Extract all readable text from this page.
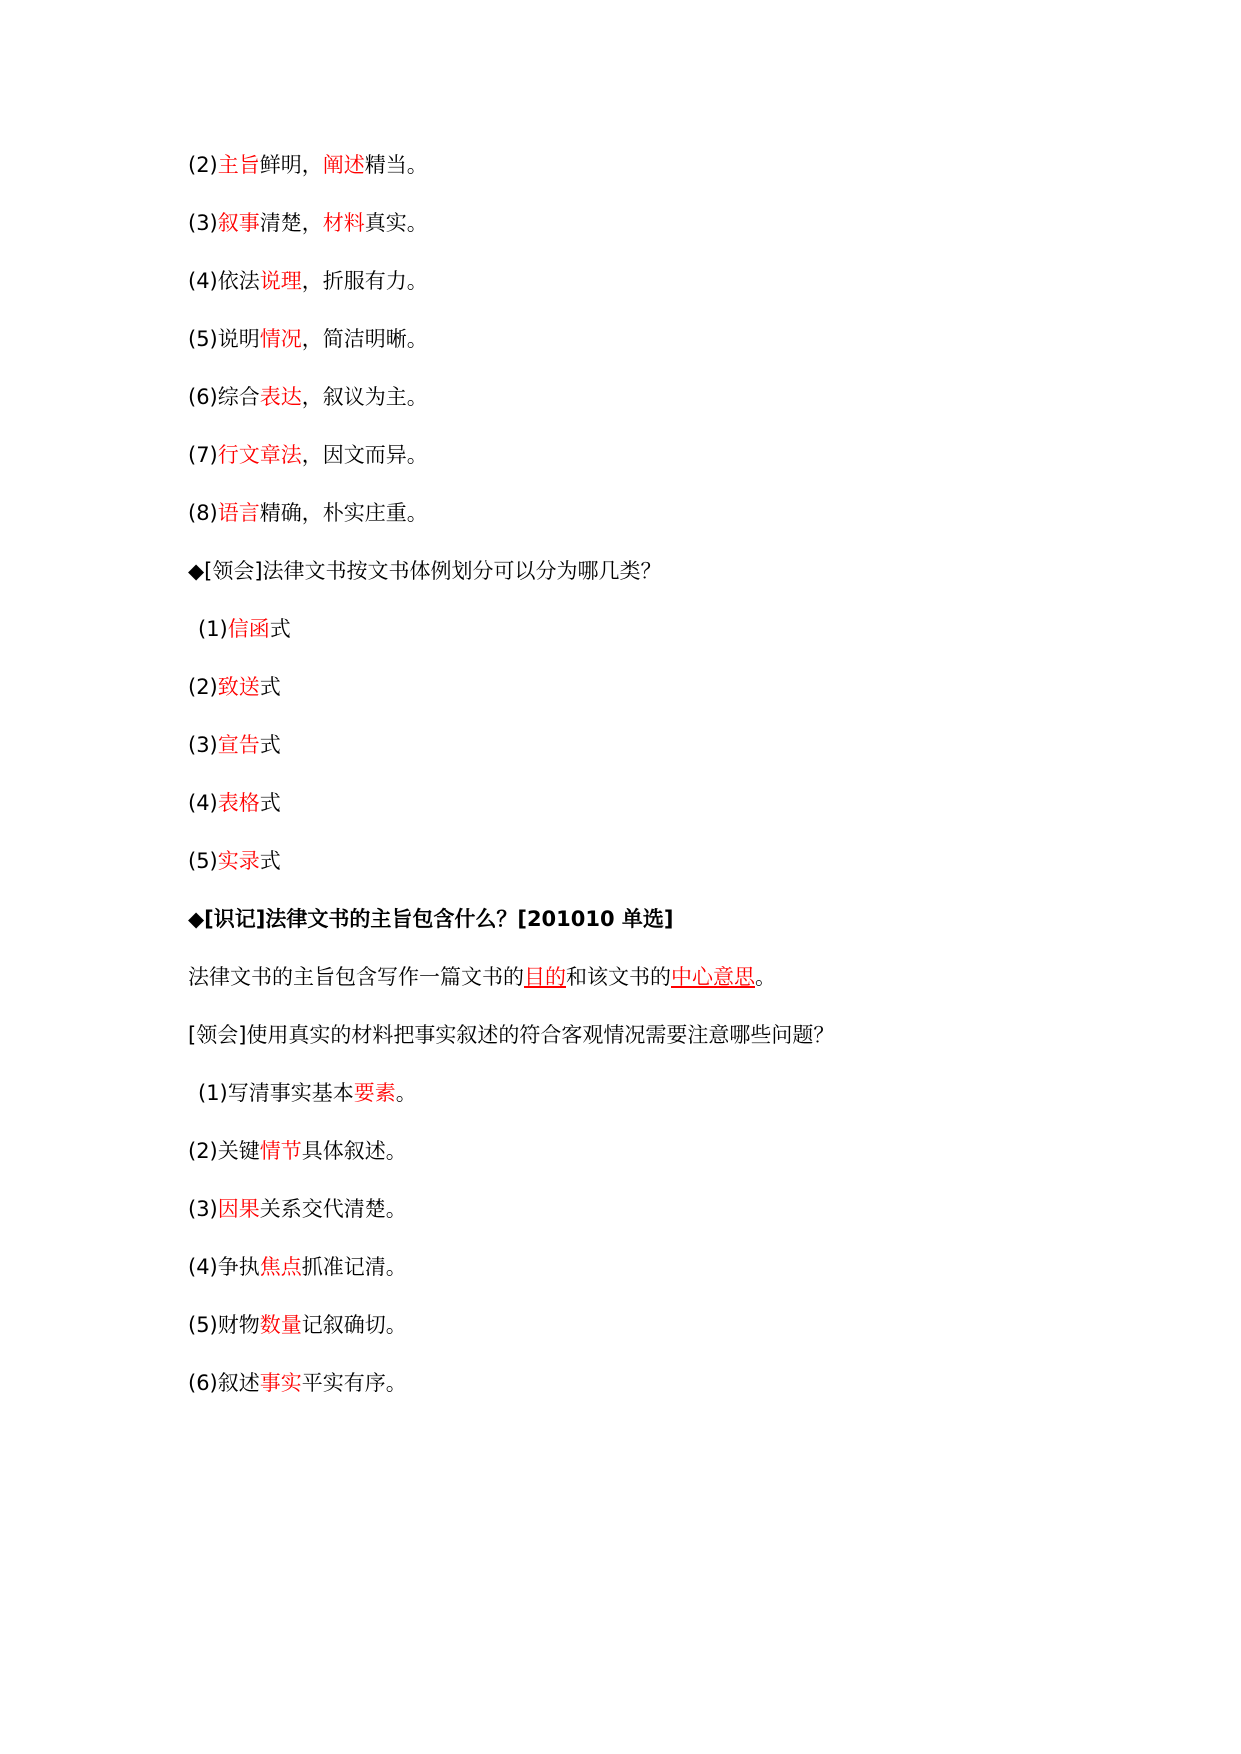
(2)主旨鲜明，阐述精当。
(3)叙事清楚，材料真实。
(4)依法说理，折服有力。
(5)说明情况，简洁明晰。
(6)综合表达，叙议为主。
(7)行文章法，因文而异。
(8)语言精确，朴实庄重。
◆[领会]法律文书按文书体例划分可以分为哪几类？
(1)信函式
(2)致送式
(3)宣告式
(4)表格式
(5)实录式
◆[识记]法律文书的主旨包含什么？[201010 单选]
法律文书的主旨包含写作一篇文书的目的和该文书的中心意思。
[领会]使用真实的材料把事实叙述的符合客观情况需要注意哪些问题？
(1)写清事实基本要素。
(2)关键情节具体叙述。
(3)因果关系交代清楚。
(4)争执焦点抓准记清。
(5)财物数量记叙确切。
(6)叙述事实平实有序。
